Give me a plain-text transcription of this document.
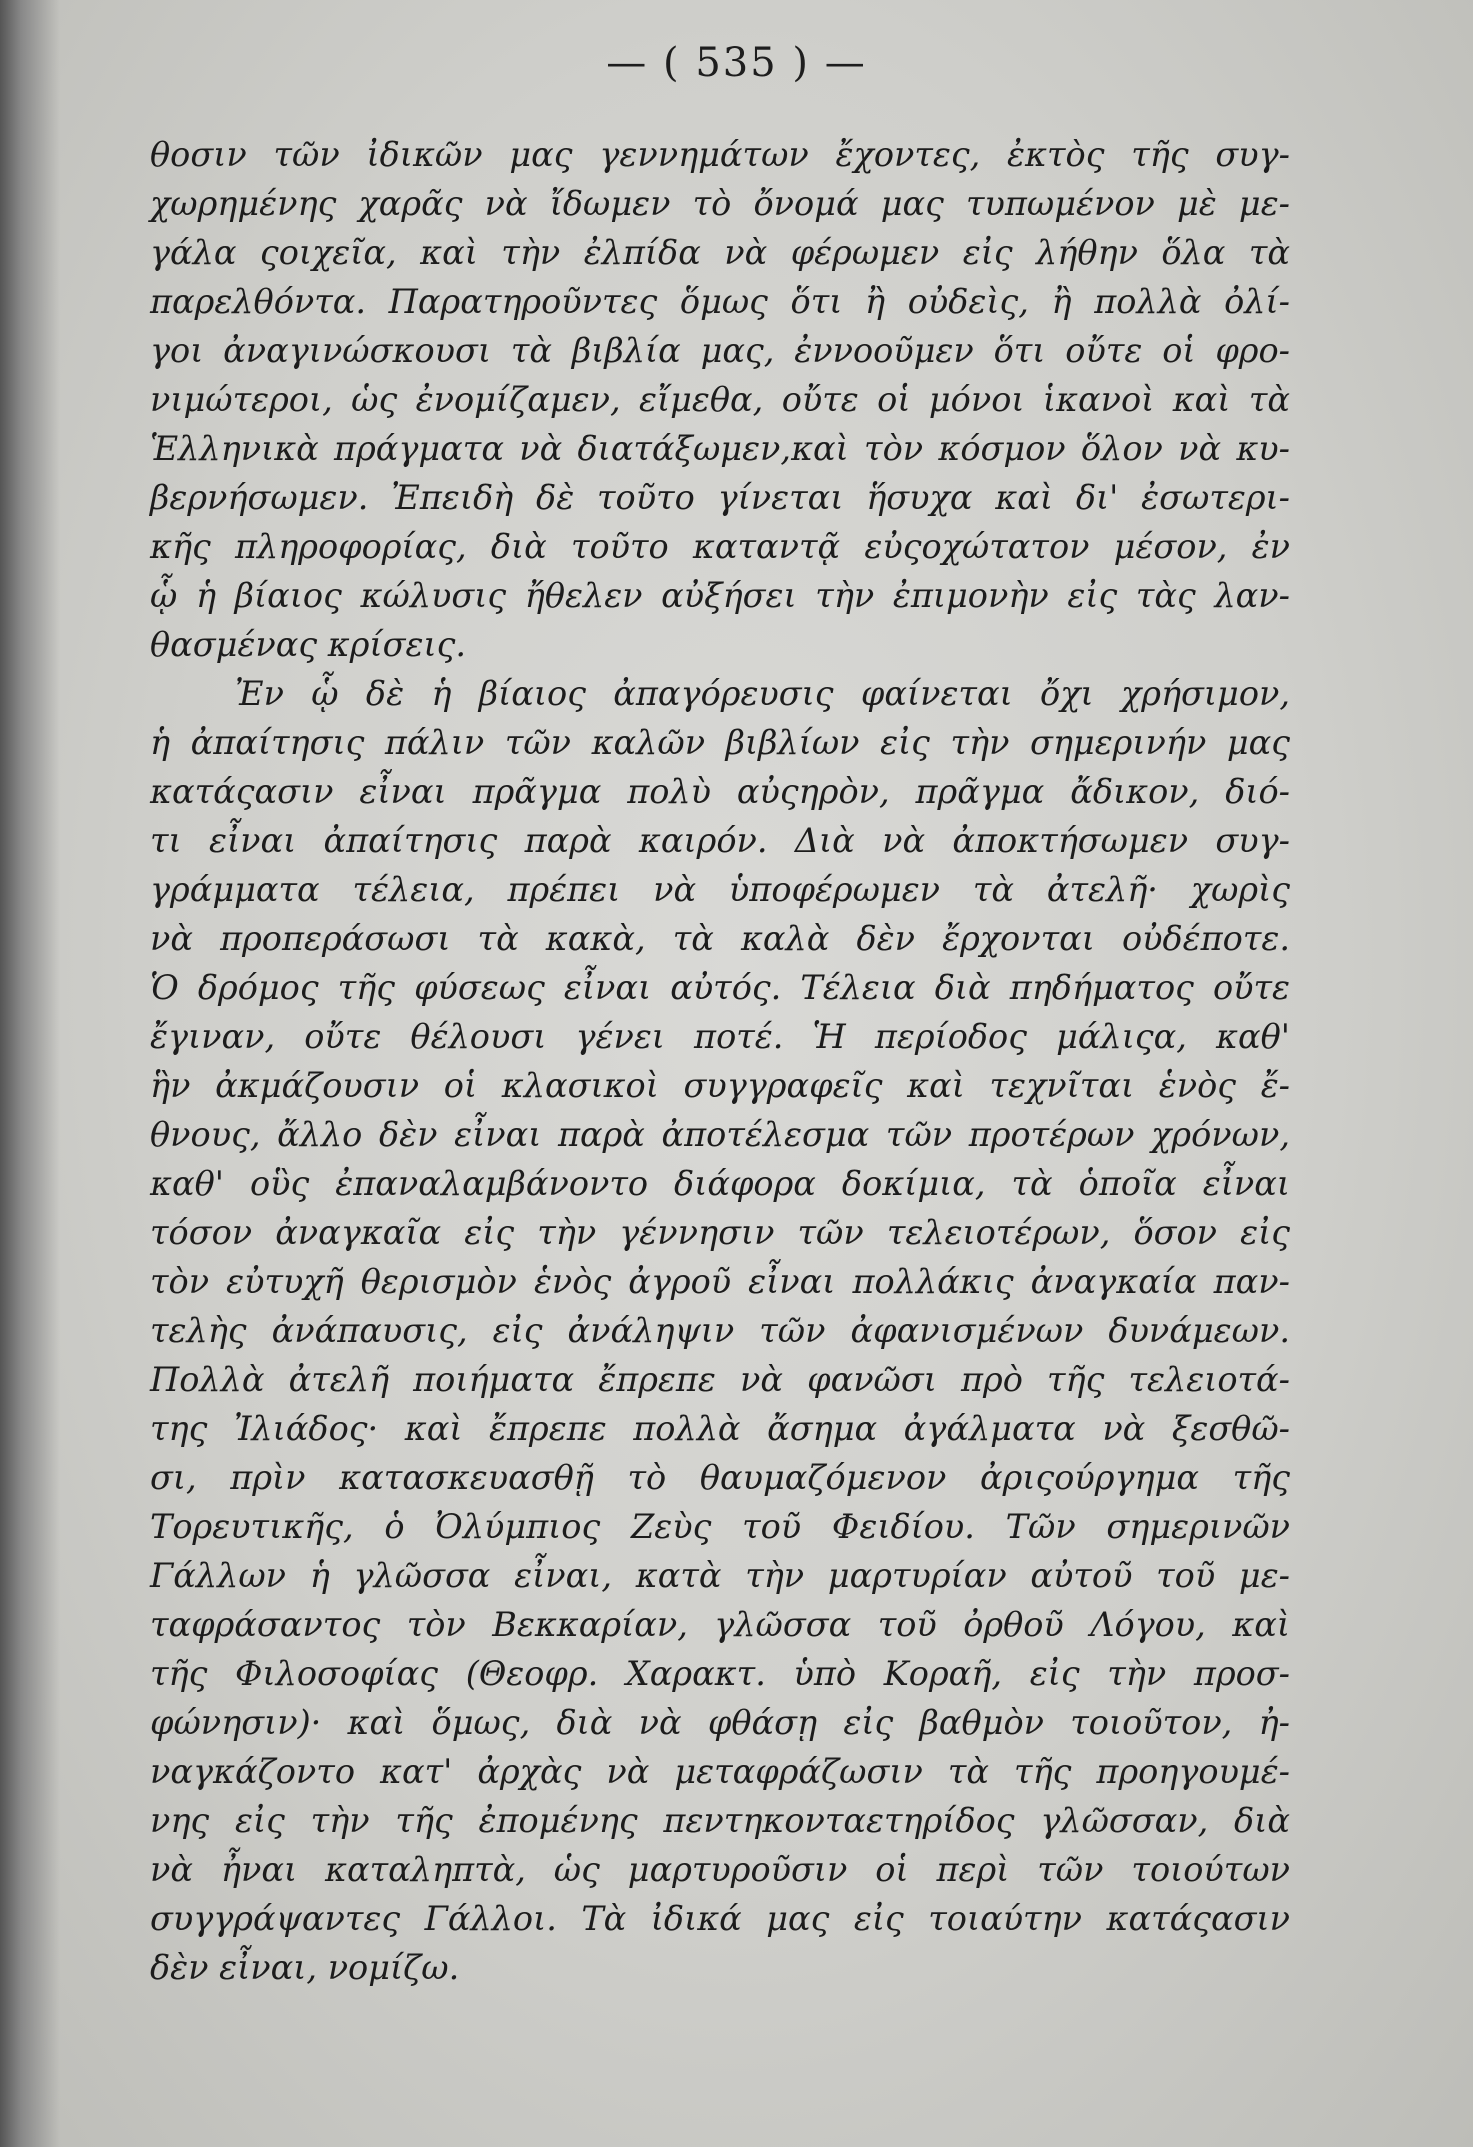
— ( 535 ) —
θοσιν τῶν ἰδικῶν μας γεννημάτων ἔχοντες, ἐκτὸς τῆς συγ-
χωρημένης χαρᾶς νὰ ἴδωμεν τὸ ὄνομά μας τυπωμένον μὲ με-
γάλα ςοιχεῖα, καὶ τὴν ἐλπίδα νὰ φέρωμεν εἰς λήθην ὅλα τὰ
παρελθόντα. Παρατηροῦντες ὅμως ὅτι ἢ οὐδεὶς, ἢ πολλὰ ὀλί-
γοι ἀναγινώσκουσι τὰ βιβλία μας, ἐννοοῦμεν ὅτι οὔτε οἱ φρο-
νιμώτεροι, ὡς ἐνομίζαμεν, εἴμεθα, οὔτε οἱ μόνοι ἱκανοὶ καὶ τὰ
Ἑλληνικὰ πράγματα νὰ διατάξωμεν,καὶ τὸν κόσμον ὅλον νὰ κυ-
βερνήσωμεν. Ἐπειδὴ δὲ τοῦτο γίνεται ἥσυχα καὶ δι' ἐσωτερι-
κῆς πληροφορίας, διὰ τοῦτο καταντᾷ εὐςοχώτατον μέσον, ἐν
ᾧ ἡ βίαιος κώλυσις ἤθελεν αὐξήσει τὴν ἐπιμονὴν εἰς τὰς λαν-
θασμένας κρίσεις.
Ἐν ᾧ δὲ ἡ βίαιος ἀπαγόρευσις φαίνεται ὄχι χρήσιμον,
ἡ ἀπαίτησις πάλιν τῶν καλῶν βιβλίων εἰς τὴν σημερινήν μας
κατάςασιν εἶναι πρᾶγμα πολὺ αὐςηρὸν, πρᾶγμα ἄδικον, διό-
τι εἶναι ἀπαίτησις παρὰ καιρόν. Διὰ νὰ ἀποκτήσωμεν συγ-
γράμματα τέλεια, πρέπει νὰ ὑποφέρωμεν τὰ ἀτελῆ· χωρὶς
νὰ προπεράσωσι τὰ κακὰ, τὰ καλὰ δὲν ἔρχονται οὐδέποτε.
Ὁ δρόμος τῆς φύσεως εἶναι αὐτός. Τέλεια διὰ πηδήματος οὔτε
ἔγιναν, οὔτε θέλουσι γένει ποτέ. Ἡ περίοδος μάλιςα, καθ'
ἣν ἀκμάζουσιν οἱ κλασικοὶ συγγραφεῖς καὶ τεχνῖται ἑνὸς ἔ-
θνους, ἄλλο δὲν εἶναι παρὰ ἀποτέλεσμα τῶν προτέρων χρόνων,
καθ' οὓς ἐπαναλαμβάνοντο διάφορα δοκίμια, τὰ ὁποῖα εἶναι
τόσον ἀναγκαῖα εἰς τὴν γέννησιν τῶν τελειοτέρων, ὅσον εἰς
τὸν εὐτυχῆ θερισμὸν ἑνὸς ἀγροῦ εἶναι πολλάκις ἀναγκαία παν-
τελὴς ἀνάπαυσις, εἰς ἀνάληψιν τῶν ἀφανισμένων δυνάμεων.
Πολλὰ ἀτελῆ ποιήματα ἔπρεπε νὰ φανῶσι πρὸ τῆς τελειοτά-
της Ἰλιάδος· καὶ ἔπρεπε πολλὰ ἄσημα ἀγάλματα νὰ ξεσθῶ-
σι, πρὶν κατασκευασθῇ τὸ θαυμαζόμενον ἀριςούργημα τῆς
Τορευτικῆς, ὁ Ὀλύμπιος Ζεὺς τοῦ Φειδίου. Τῶν σημερινῶν
Γάλλων ἡ γλῶσσα εἶναι, κατὰ τὴν μαρτυρίαν αὐτοῦ τοῦ με-
ταφράσαντος τὸν Βεκκαρίαν, γλῶσσα τοῦ ὀρθοῦ Λόγου, καὶ
τῆς Φιλοσοφίας (Θεοφρ. Χαρακτ. ὑπὸ Κοραῆ, εἰς τὴν προσ-
φώνησιν)· καὶ ὅμως, διὰ νὰ φθάσῃ εἰς βαθμὸν τοιοῦτον, ἠ-
ναγκάζοντο κατ' ἀρχὰς νὰ μεταφράζωσιν τὰ τῆς προηγουμέ-
νης εἰς τὴν τῆς ἐπομένης πεντηκονταετηρίδος γλῶσσαν, διὰ
νὰ ἦναι καταληπτὰ, ὡς μαρτυροῦσιν οἱ περὶ τῶν τοιούτων
συγγράψαντες Γάλλοι. Τὰ ἰδικά μας εἰς τοιαύτην κατάςασιν
δὲν εἶναι, νομίζω.
